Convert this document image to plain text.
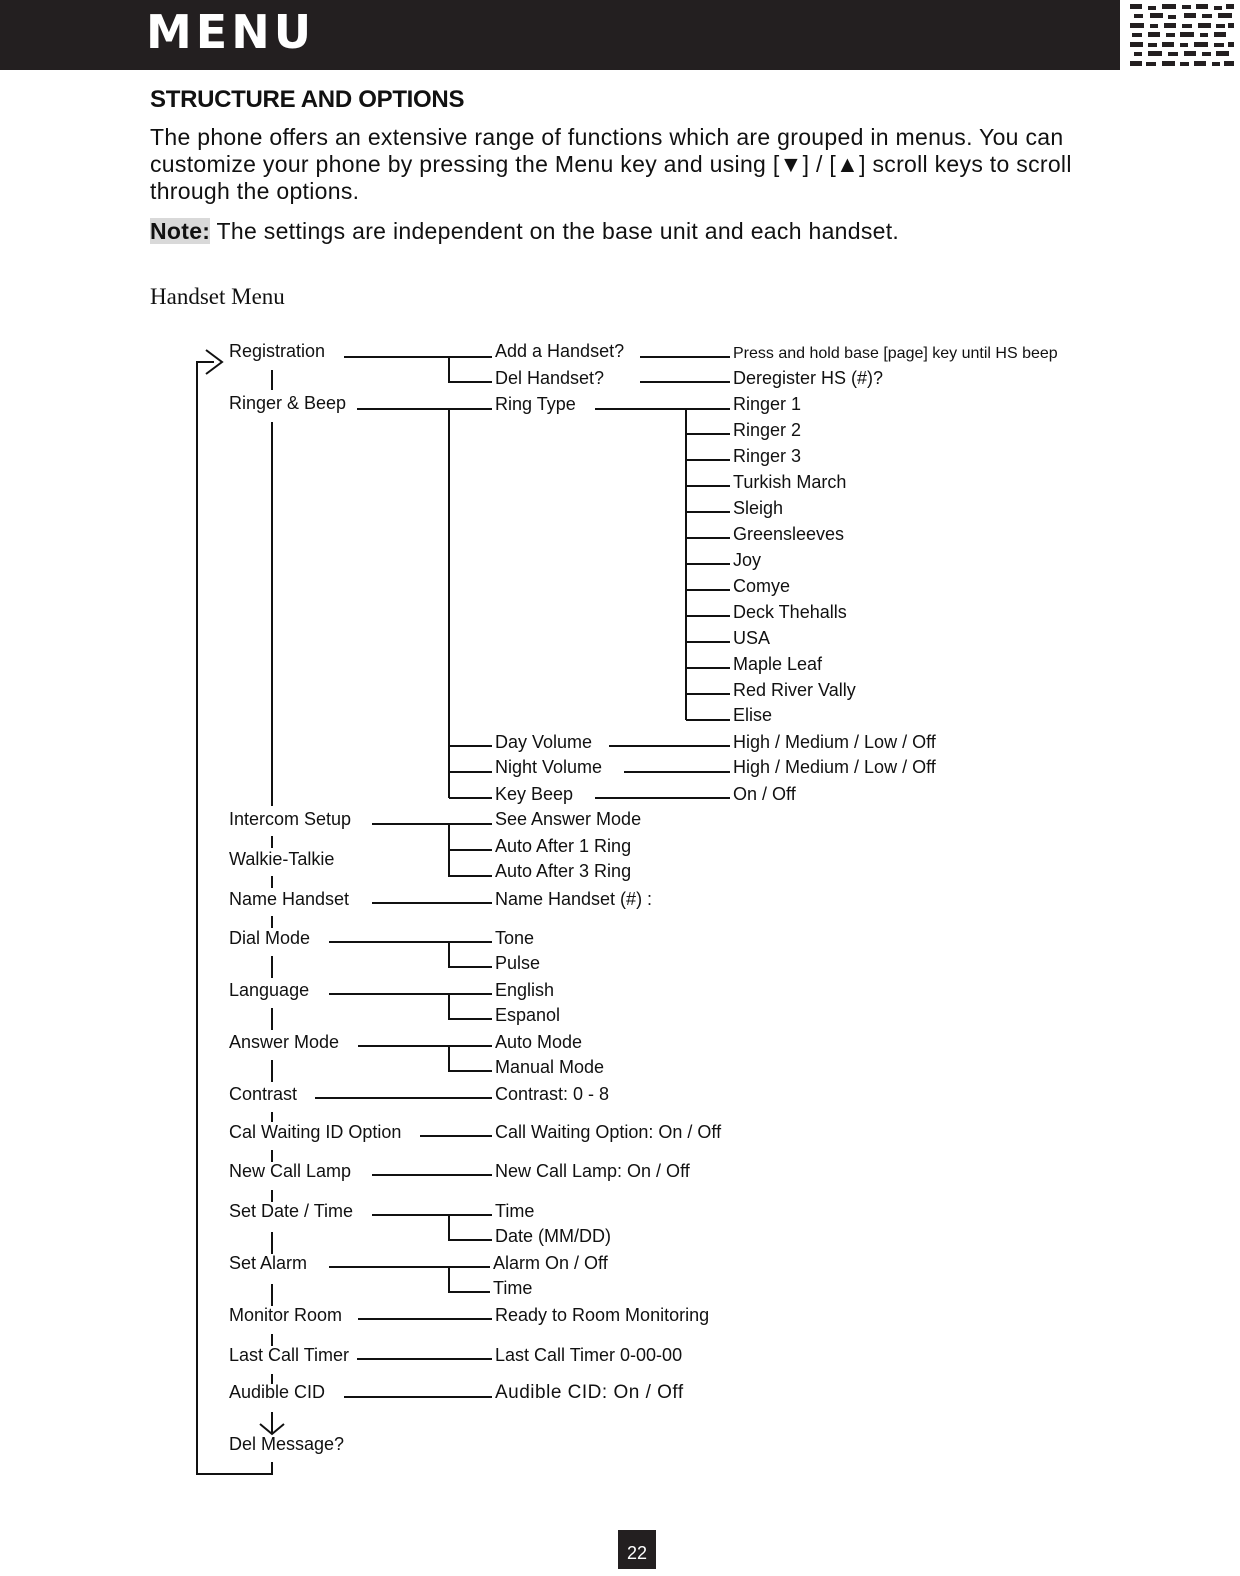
MENU
STRUCTURE AND OPTIONS

The phone offers an extensive range of functions which are grouped in menus. You can customize your phone by pressing the Menu key and using [▼] / [▲] scroll keys to scroll through the options.

Note: The settings are independent on the base unit and each handset.

Handset Menu

Registration
Ringer & Beep
Intercom Setup
Walkie-Talkie
Name Handset
Dial Mode
Language
Answer Mode
Contrast
Cal Waiting ID Option
New Call Lamp
Set Date / Time
Set Alarm
Monitor Room
Last Call Timer
Audible CID
Del Message?
Add a Handset?
Del Handset?
Ring Type
Day Volume
Night Volume
Key Beep
See Answer Mode
Auto After 1 Ring
Auto After 3 Ring
Name Handset (#) :
Tone
Pulse
English
Espanol
Auto Mode
Manual Mode
Contrast: 0 - 8
Call Waiting Option: On / Off
New Call Lamp: On / Off
Time
Date (MM/DD)
Alarm On / Off
Time
Ready to Room Monitoring
Last Call Timer 0-00-00
Audible CID: On / Off
Press and hold base [page] key until HS beep
Deregister HS (#)?
Ringer 1
Ringer 2
Ringer 3
Turkish March
Sleigh
Greensleeves
Joy
Comye
Deck Thehalls
USA
Maple Leaf
Red River Vally
Elise
High / Medium / Low / Off
High / Medium / Low / Off
On / Off
22
